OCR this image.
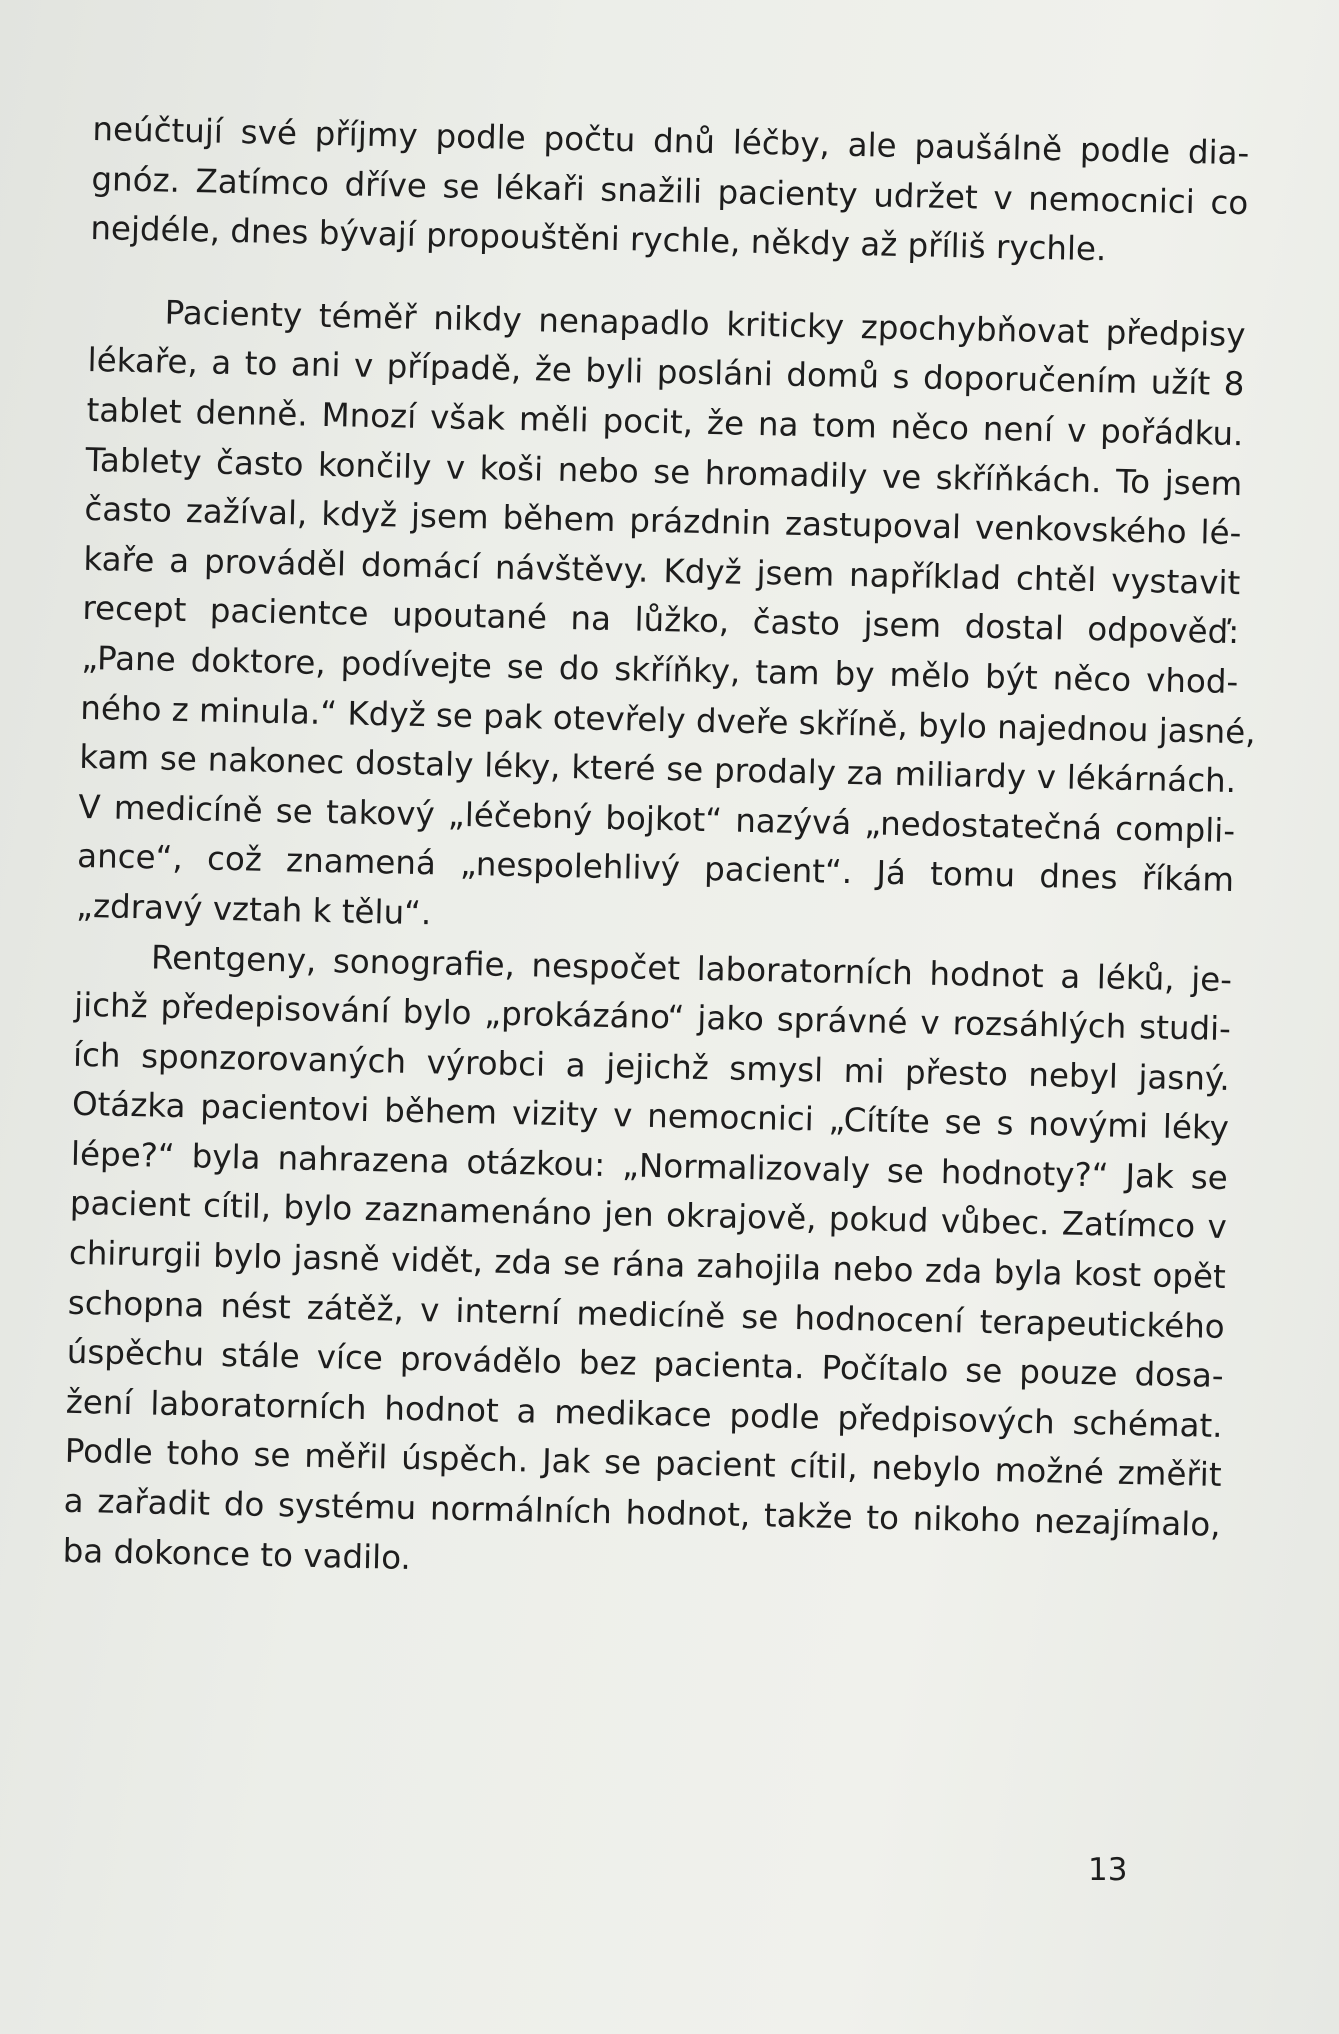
neúčtují své příjmy podle počtu dnů léčby, ale paušálně podle dia-
gnóz. Zatímco dříve se lékaři snažili pacienty udržet v nemocnici co
nejdéle, dnes bývají propouštěni rychle, někdy až příliš rychle.

Pacienty téměř nikdy nenapadlo kriticky zpochybňovat předpisy
lékaře, a to ani v případě, že byli posláni domů s doporučením užít 8
tablet denně. Mnozí však měli pocit, že na tom něco není v pořádku.
Tablety často končily v koši nebo se hromadily ve skříňkách. To jsem
často zažíval, když jsem během prázdnin zastupoval venkovského lé-
kaře a prováděl domácí návštěvy. Když jsem například chtěl vystavit
recept pacientce upoutané na lůžko, často jsem dostal odpověď:
„Pane doktore, podívejte se do skříňky, tam by mělo být něco vhod-
ného z minula.“ Když se pak otevřely dveře skříně, bylo najednou jasné,
kam se nakonec dostaly léky, které se prodaly za miliardy v lékárnách.
V medicíně se takový „léčebný bojkot“ nazývá „nedostatečná compli-
ance“, což znamená „nespolehlivý pacient“. Já tomu dnes říkám
„zdravý vztah k tělu“.

Rentgeny, sonografie, nespočet laboratorních hodnot a léků, je-
jichž předepisování bylo „prokázáno“ jako správné v rozsáhlých studi-
ích sponzorovaných výrobci a jejichž smysl mi přesto nebyl jasný.
Otázka pacientovi během vizity v nemocnici „Cítíte se s novými léky
lépe?“ byla nahrazena otázkou: „Normalizovaly se hodnoty?“ Jak se
pacient cítil, bylo zaznamenáno jen okrajově, pokud vůbec. Zatímco v
chirurgii bylo jasně vidět, zda se rána zahojila nebo zda byla kost opět
schopna nést zátěž, v interní medicíně se hodnocení terapeutického
úspěchu stále více provádělo bez pacienta. Počítalo se pouze dosa-
žení laboratorních hodnot a medikace podle předpisových schémat.
Podle toho se měřil úspěch. Jak se pacient cítil, nebylo možné změřit
a zařadit do systému normálních hodnot, takže to nikoho nezajímalo,
ba dokonce to vadilo.

13
